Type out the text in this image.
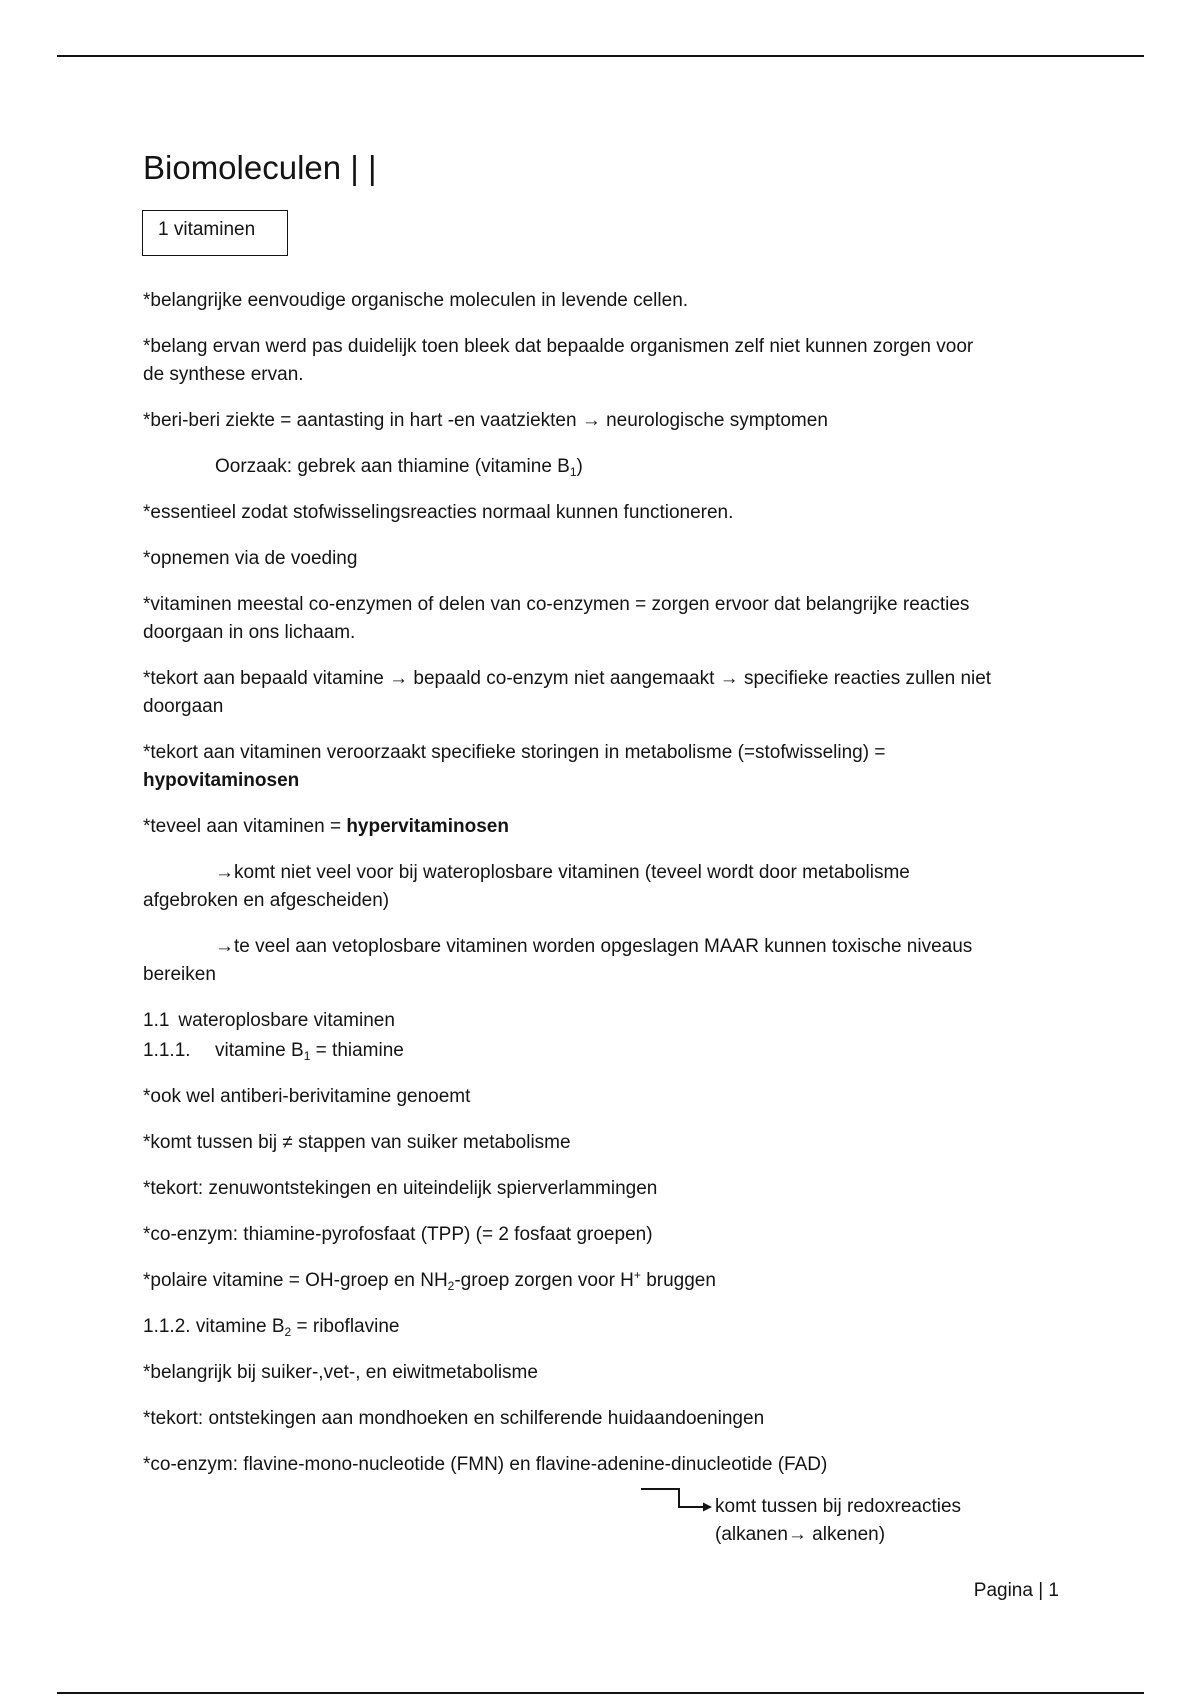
Biomoleculen | |
1 vitaminen

*belangrijke eenvoudige organische moleculen in levende cellen.

*belang ervan werd pas duidelijk toen bleek dat bepaalde organismen zelf niet kunnen zorgen voor
de synthese ervan.

*beri-beri ziekte = aantasting in hart -en vaatziekten → neurologische symptomen

Oorzaak: gebrek aan thiamine (vitamine $B_1$)

*essentieel zodat stofwisselingsreacties normaal kunnen functioneren.

*opnemen via de voeding

*vitaminen meestal co-enzymen of delen van co-enzymen = zorgen ervoor dat belangrijke reacties
doorgaan in ons lichaam.

*tekort aan bepaald vitamine → bepaald co-enzym niet aangemaakt → specifieke reacties zullen niet
doorgaan

*tekort aan vitaminen veroorzaakt specifieke storingen in metabolisme (=stofwisseling) =
hypovitaminosen

*teveel aan vitaminen = hypervitaminosen

→komt niet veel voor bij wateroplosbare vitaminen (teveel wordt door metabolisme
afgebroken en afgescheiden)

→te veel aan vetoplosbare vitaminen worden opgeslagen MAAR kunnen toxische niveaus
bereiken

1.1 wateroplosbare vitaminen

1.1.1. vitamine $B_1$ = thiamine

*ook wel antiberi-berivitamine genoemt

*komt tussen bij ≠ stappen van suiker metabolisme

*tekort: zenuwontstekingen en uiteindelijk spierverlammingen

*co-enzym: thiamine-pyrofosfaat (TPP) (= 2 fosfaat groepen)

*polaire vitamine = OH-groep en $NH_2$-groep zorgen voor H+ bruggen

1.1.2. vitamine $B_2$ = riboflavine

*belangrijk bij suiker-,vet-, en eiwitmetabolisme

*tekort: ontstekingen aan mondhoeken en schilferende huidaandoeningen

*co-enzym: flavine-mono-nucleotide (FMN) en flavine-adenine-dinucleotide (FAD)

komt tussen bij redoxreacties
(alkanen→ alkenen)
Pagina | 1
